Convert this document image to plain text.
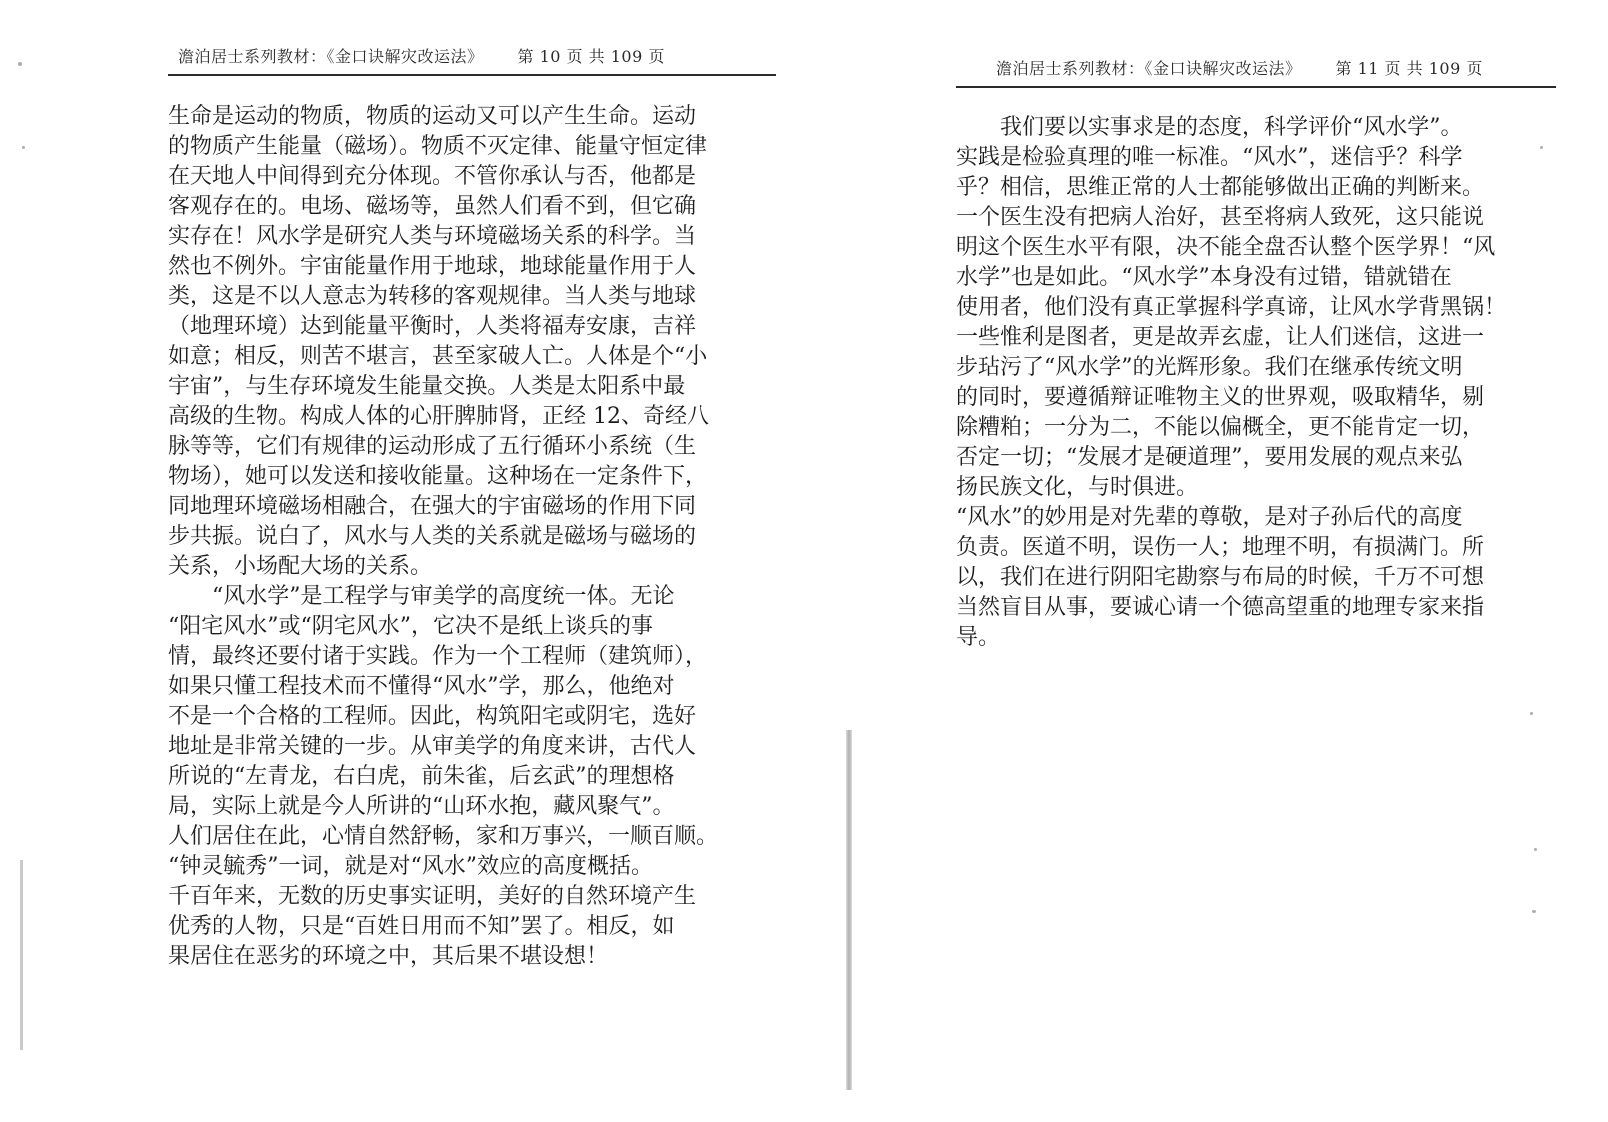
澹泊居士系列教材：《金口诀解灾改运法》 第 10 页 共 109 页
生命是运动的物质，物质的运动又可以产生生命。运动
的物质产生能量（磁场）。物质不灭定律、能量守恒定律
在天地人中间得到充分体现。不管你承认与否，他都是
客观存在的。电场、磁场等，虽然人们看不到，但它确
实存在！风水学是研究人类与环境磁场关系的科学。当
然也不例外。宇宙能量作用于地球，地球能量作用于人
类，这是不以人意志为转移的客观规律。当人类与地球
（地理环境）达到能量平衡时，人类将福寿安康，吉祥
如意；相反，则苦不堪言，甚至家破人亡。人体是个“小
宇宙”，与生存环境发生能量交换。人类是太阳系中最
高级的生物。构成人体的心肝脾肺肾，正经 12、奇经八
脉等等，它们有规律的运动形成了五行循环小系统（生
物场），她可以发送和接收能量。这种场在一定条件下，
同地理环境磁场相融合，在强大的宇宙磁场的作用下同
步共振。说白了，风水与人类的关系就是磁场与磁场的
关系，小场配大场的关系。
　　“风水学”是工程学与审美学的高度统一体。无论
“阳宅风水”或“阴宅风水”，它决不是纸上谈兵的事
情，最终还要付诸于实践。作为一个工程师（建筑师），
如果只懂工程技术而不懂得“风水”学，那么，他绝对
不是一个合格的工程师。因此，构筑阳宅或阴宅，选好
地址是非常关键的一步。从审美学的角度来讲，古代人
所说的“左青龙，右白虎，前朱雀，后玄武”的理想格
局，实际上就是今人所讲的“山环水抱，藏风聚气”。
人们居住在此，心情自然舒畅，家和万事兴，一顺百顺。
“钟灵毓秀”一词，就是对“风水”效应的高度概括。
千百年来，无数的历史事实证明，美好的自然环境产生
优秀的人物，只是“百姓日用而不知”罢了。相反，如
果居住在恶劣的环境之中，其后果不堪设想！
澹泊居士系列教材：《金口诀解灾改运法》 第 11 页 共 109 页
　　我们要以实事求是的态度，科学评价“风水学”。
实践是检验真理的唯一标准。“风水”，迷信乎？科学
乎？相信，思维正常的人士都能够做出正确的判断来。
一个医生没有把病人治好，甚至将病人致死，这只能说
明这个医生水平有限，决不能全盘否认整个医学界！“风
水学”也是如此。“风水学”本身没有过错，错就错在
使用者，他们没有真正掌握科学真谛，让风水学背黑锅！
一些惟利是图者，更是故弄玄虚，让人们迷信，这进一
步玷污了“风水学”的光辉形象。我们在继承传统文明
的同时，要遵循辩证唯物主义的世界观，吸取精华，剔
除糟粕；一分为二，不能以偏概全，更不能肯定一切，
否定一切；“发展才是硬道理”，要用发展的观点来弘
扬民族文化，与时俱进。
“风水”的妙用是对先辈的尊敬，是对子孙后代的高度
负责。医道不明，误伤一人；地理不明，有损满门。所
以，我们在进行阴阳宅勘察与布局的时候，千万不可想
当然盲目从事，要诚心请一个德高望重的地理专家来指
导。
